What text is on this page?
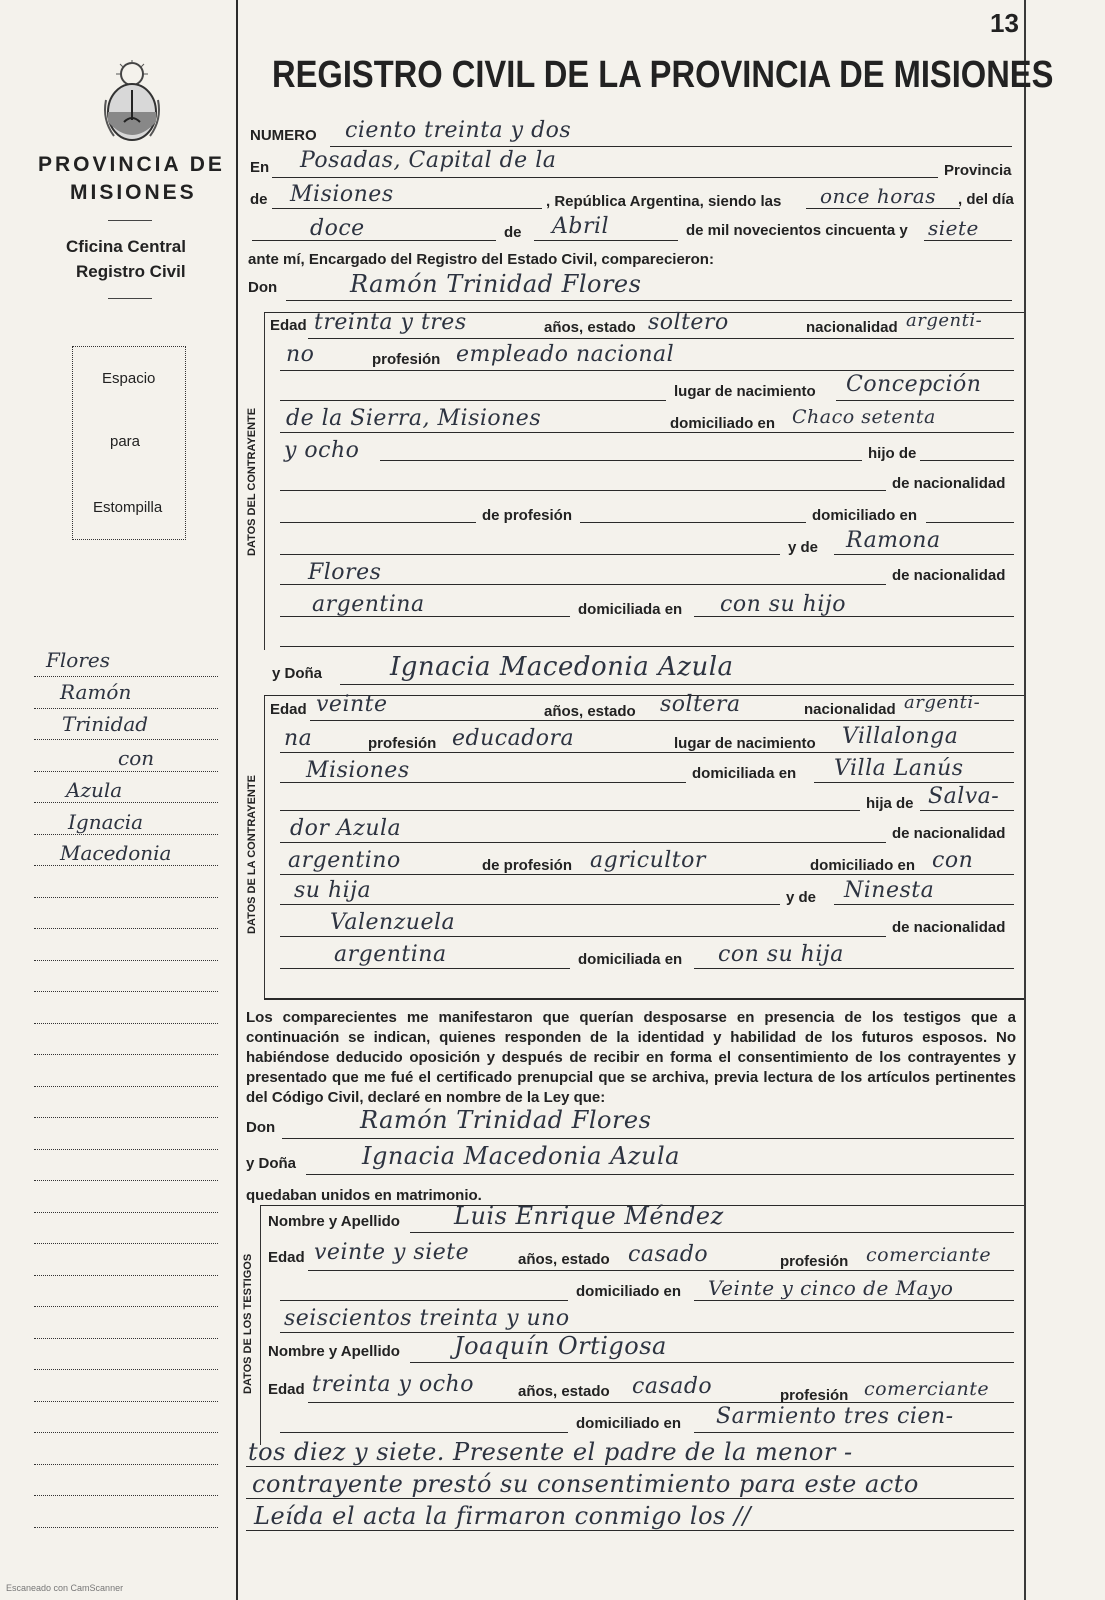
13
REGISTRO CIVIL DE LA PROVINCIA DE MISIONES
PROVINCIA DE
MISIONES
Cficina Central
Registro Civil
Espacio
para
Estompilla
Flores
Ramón
Trinidad
con
Azula
Ignacia
Macedonia
NUMERO ciento treinta y dos
En Posadas, Capital de la	Provincia
de Misiones	, República Argentina, siendo las once horas , del día
doce	de Abril	de mil novecientos cincuenta y siete
ante mí, Encargado del Registro del Estado Civil, comparecieron:
Don	Ramón Trinidad Flores
DATOS DEL CONTRAYENTE
Edad treinta y tres	años, estado soltero	nacionalidad argenti-
no	profesión empleado nacional
lugar de nacimiento Concepción
de la Sierra, Misiones	domiciliado en Chaco setenta
y ocho	hijo de
de nacionalidad
de profesión	domiciliado en
y de Ramona
Flores	de nacionalidad
argentina	domiciliada en con su hijo
y Doña	Ignacia Macedonia Azula
DATOS DE LA CONTRAYENTE
Edad veinte	años, estado soltera	nacionalidad argenti-
na	profesión educadora	lugar de nacimiento Villalonga
Misiones	domiciliada en Villa Lanús
hija de Salva-
dor Azula	de nacionalidad
argentino	de profesión agricultor	domiciliado en con
su hija	y de Ninesta
Valenzuela	de nacionalidad
argentina	domiciliada en con su hija
Los comparecientes me manifestaron que querían desposarse en presencia de los testigos que a continuación se indican, quienes responden de la identidad y habilidad de los futuros esposos. No habiéndose deducido oposición y después de recibir en forma el consentimiento de los contrayentes y presentado que me fué el certificado prenupcial que se archiva, previa lectura de los artículos pertinentes del Código Civil, declaré en nombre de la Ley que:
Don	Ramón Trinidad Flores
y Doña	Ignacia Macedonia Azula
quedaban unidos en matrimonio.
DATOS DE LOS TESTIGOS
Nombre y Apellido Luis Enrique Méndez
Edad veinte y siete	años, estado casado	profesión comerciante
domiciliado en Veinte y cinco de Mayo
seiscientos treinta y uno
Nombre y Apellido Joaquín Ortigosa
Edad treinta y ocho	años, estado casado	profesión comerciante
domiciliado en Sarmiento tres cien-
tos diez y siete. Presente el padre de la menor -
contrayente prestó su consentimiento para este acto
Leída el acta la firmaron conmigo los //
Escaneado con CamScanner
